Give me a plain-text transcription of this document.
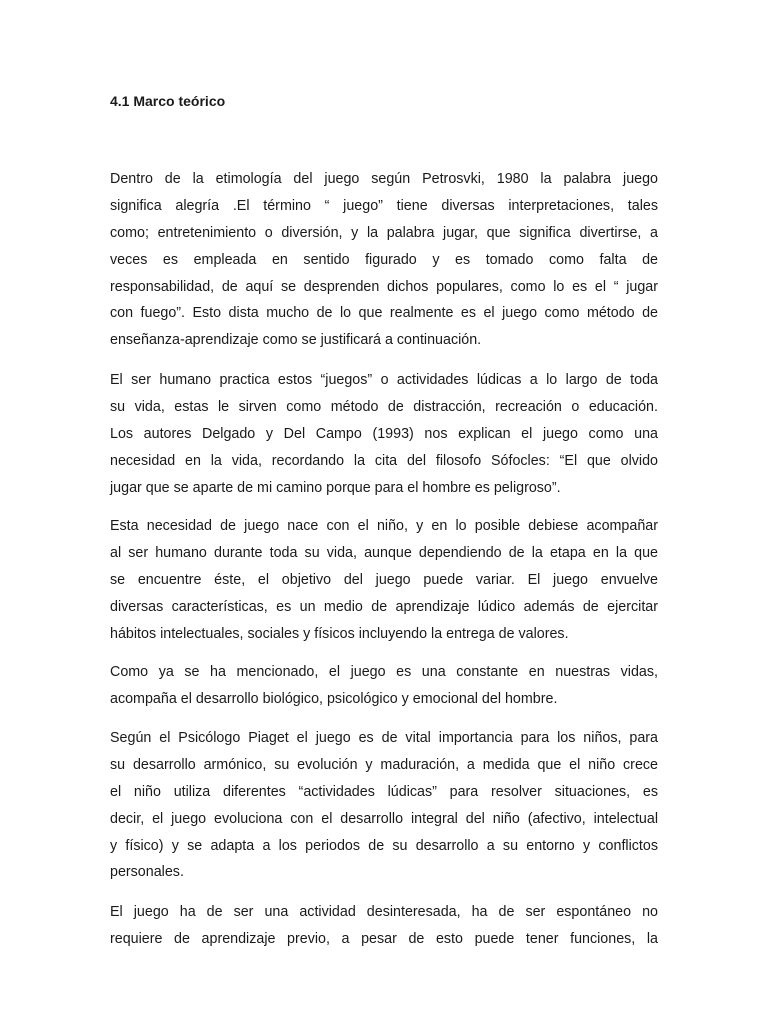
4.1 Marco teórico
Dentro de la etimología del juego según Petrosvki, 1980 la palabra juego
significa alegría .El término “ juego” tiene diversas interpretaciones, tales
como; entretenimiento o diversión, y la palabra jugar, que significa divertirse, a
veces es empleada en sentido figurado y es tomado como falta de
responsabilidad, de aquí se desprenden dichos populares, como lo es el “ jugar
con fuego”. Esto dista mucho de lo que realmente es el juego como método de
enseñanza-aprendizaje como se justificará a continuación.
El ser humano practica estos “juegos” o actividades lúdicas a lo largo de toda
su vida, estas le sirven como método de distracción, recreación o educación.
Los autores Delgado y Del Campo (1993) nos explican el juego como una
necesidad en la vida, recordando la cita del filosofo Sófocles: “El que olvido
jugar que se aparte de mi camino porque para el hombre es peligroso”.
Esta necesidad de juego nace con el niño, y en lo posible debiese acompañar
al ser humano durante toda su vida, aunque dependiendo de la etapa en la que
se encuentre éste, el objetivo del juego puede variar. El juego envuelve
diversas características, es un medio de aprendizaje lúdico además de ejercitar
hábitos intelectuales, sociales y físicos incluyendo la entrega de valores.
Como ya se ha mencionado, el juego es una constante en nuestras vidas,
acompaña el desarrollo biológico, psicológico y emocional del hombre.
Según el Psicólogo Piaget el juego es de vital importancia para los niños, para
su desarrollo armónico, su evolución y maduración, a medida que el niño crece
el niño utiliza diferentes “actividades lúdicas” para resolver situaciones, es
decir, el juego evoluciona con el desarrollo integral del niño (afectivo, intelectual
y físico) y se adapta a los periodos de su desarrollo a su entorno y conflictos
personales.
El juego ha de ser una actividad desinteresada, ha de ser espontáneo no
requiere de aprendizaje previo, a pesar de esto puede tener funciones, la
